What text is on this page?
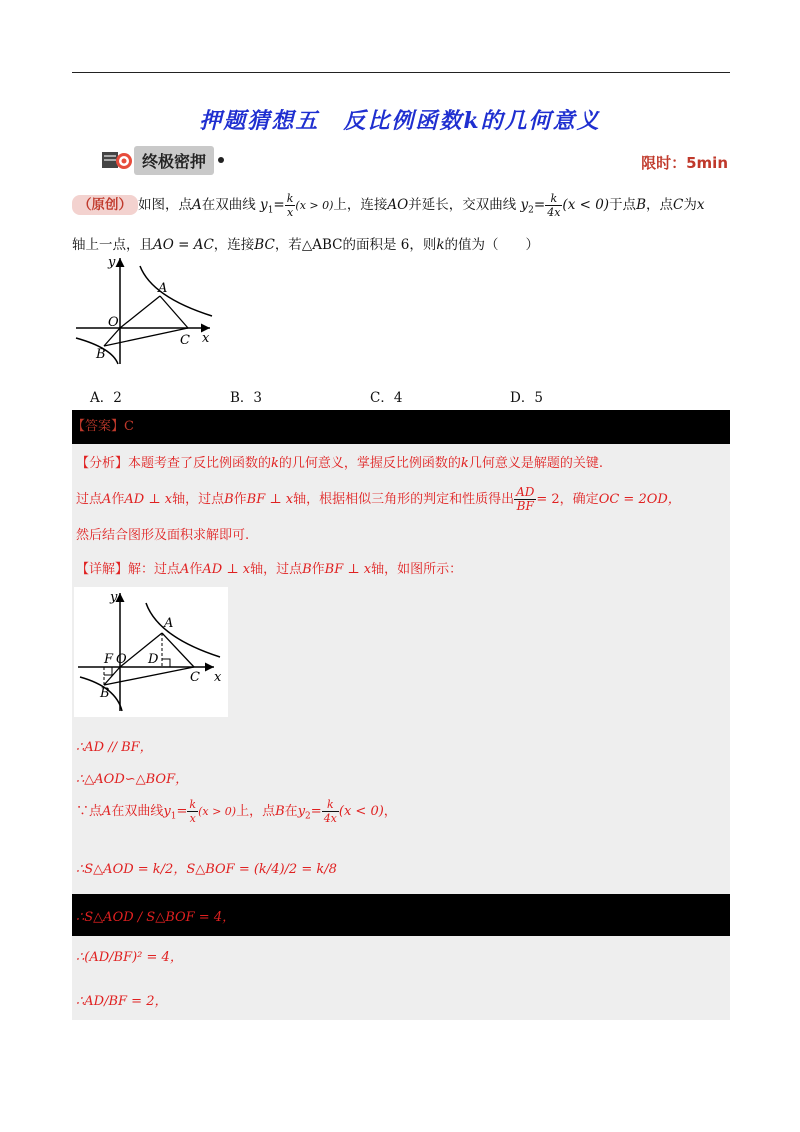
押题猜想五　反比例函数k的几何意义
终极密押	限时：5min
（原创） 如图，点A在双曲线 $y_1= \frac{k}{x} (x > 0)$上，连接AO并延长，交双曲线 $y_2= \frac{k}{4x} (x < 0)$于点B，点C为x
轴上一点，且AO = AC，连接BC，若△ABC的面积是 6，则k的值为（　　）
y
A
O
x
B
C
A．2	B．3	C．4	D．5
【答案】C
【分析】本题考查了反比例函数的k的几何意义，掌握反比例函数的k几何意义是解题的关键.
过点A作AD ⊥ x轴，过点B作BF ⊥ x轴，根据相似三角形的判定和性质得出 $\frac{AD}{BF} = 2$，确定OC = 2OD，
然后结合图形及面积求解即可.
【详解】解：过点A作AD ⊥ x轴，过点B作BF ⊥ x轴，如图所示：
y
A
F O D
x
B
C
∴AD // BF，
∴△AOD∽△BOF，
∵点A在双曲线$y_1= \frac{k}{x} (x > 0)$上，点B在$y_2= \frac{k}{4x} (x < 0)$，
∴S△AOD = k/2，S△BOF = (k/4)/2 = k/8
∴S△AOD / S△BOF = 4，
∴(AD/BF)² = 4，
∴AD/BF = 2，
